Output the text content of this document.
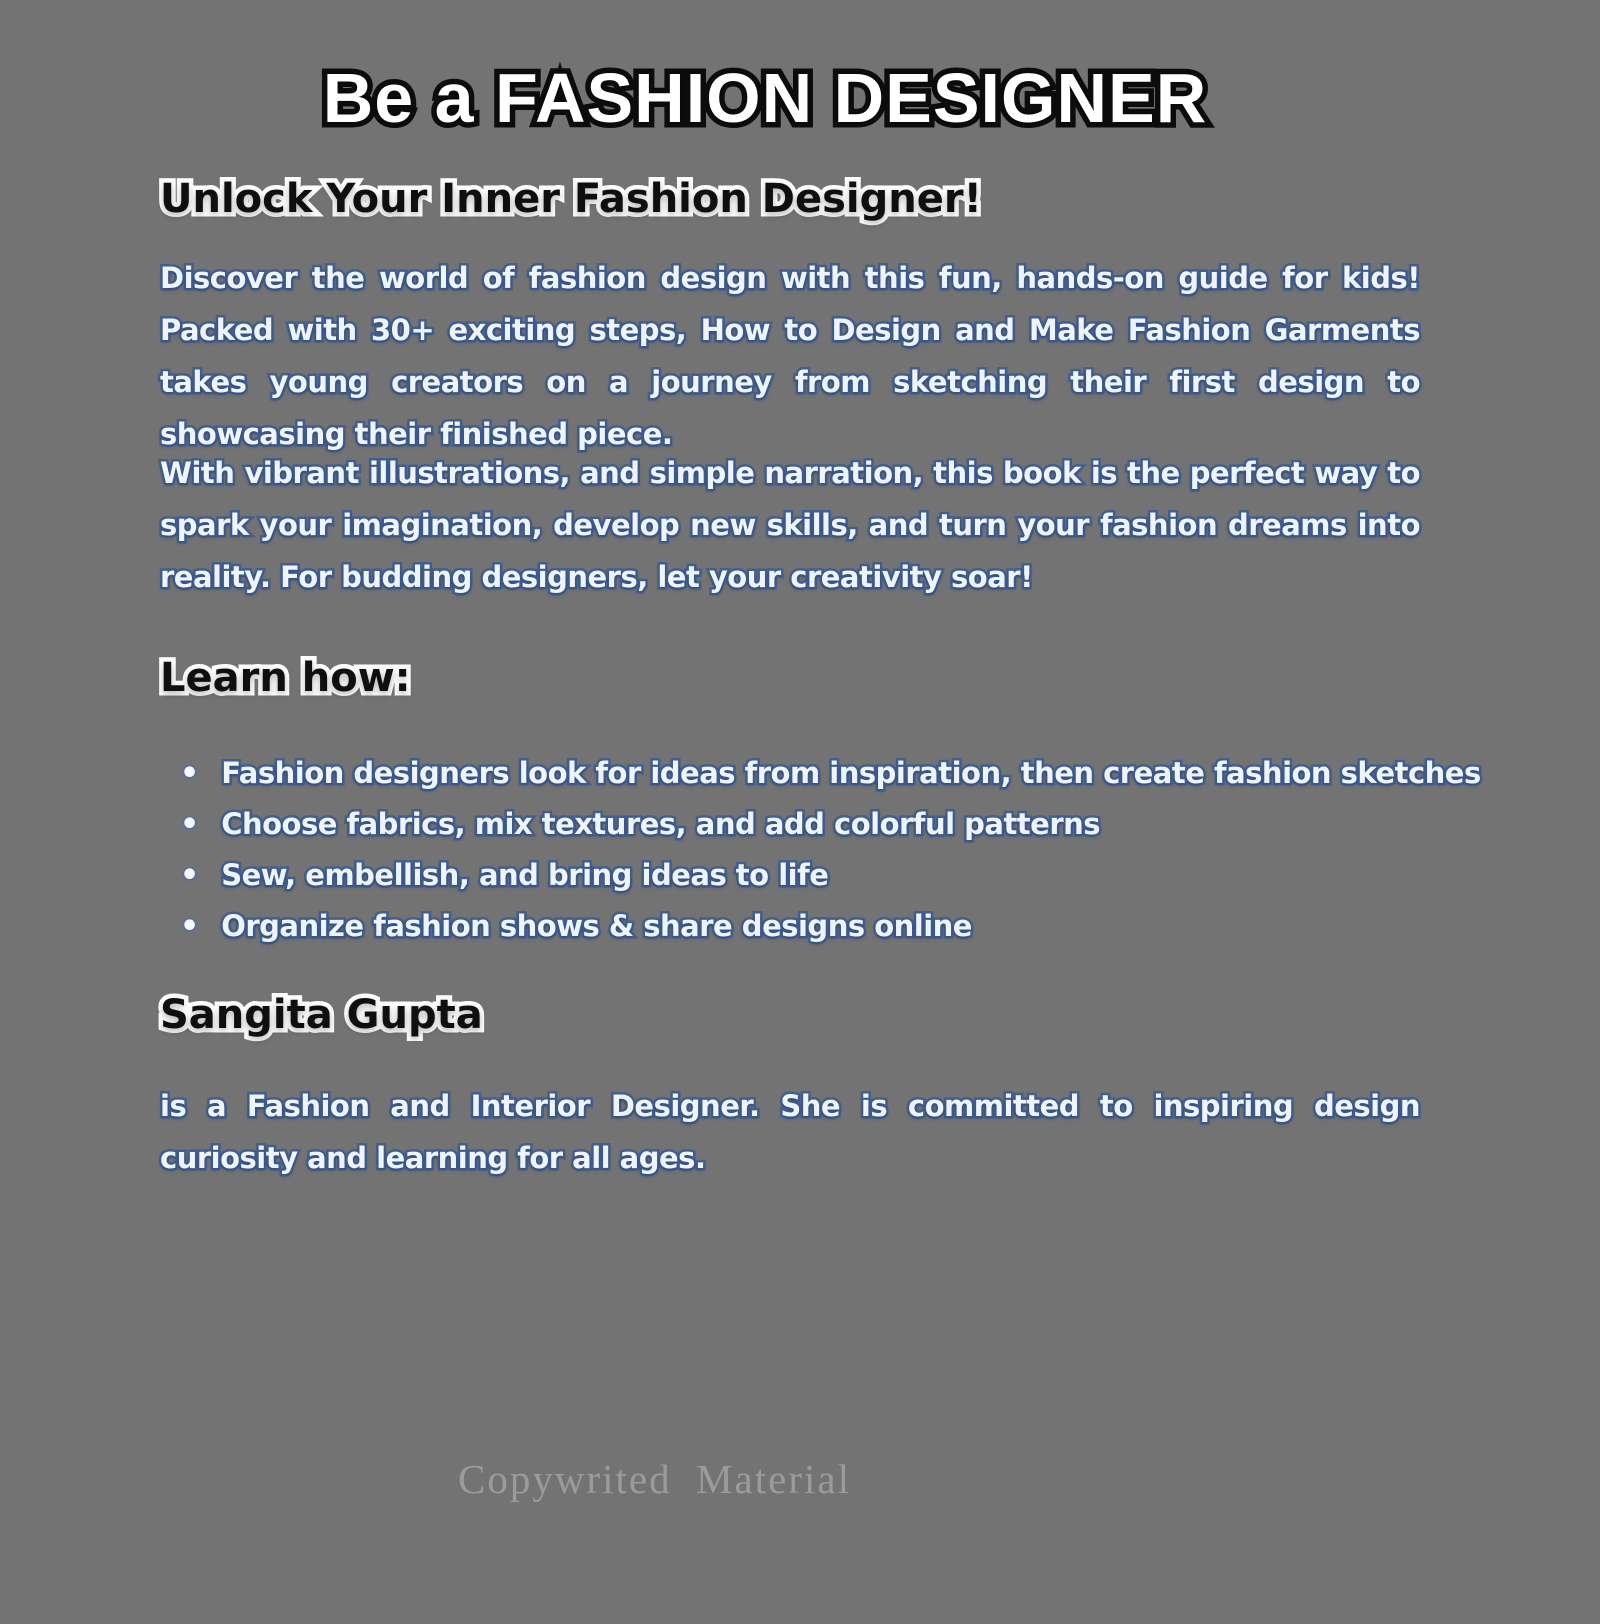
Be a FASHION DESIGNER
Unlock Your Inner Fashion Designer!

Discover the world of fashion design with this fun, hands-on guide for kids! Packed with 30+ exciting steps, How to Design and Make Fashion Garments takes young creators on a journey from sketching their first design to showcasing their finished piece.

With vibrant illustrations, and simple narration, this book is the perfect way to spark your imagination, develop new skills, and turn your fashion dreams into reality. For budding designers, let your creativity soar!

Learn how:
• Fashion designers look for ideas from inspiration, then create fashion sketches
• Choose fabrics, mix textures, and add colorful patterns
• Sew, embellish, and bring ideas to life
• Organize fashion shows & share designs online
Sangita Gupta

is a Fashion and Interior Designer. She is committed to inspiring design curiosity and learning for all ages.

Copywrited  Material
